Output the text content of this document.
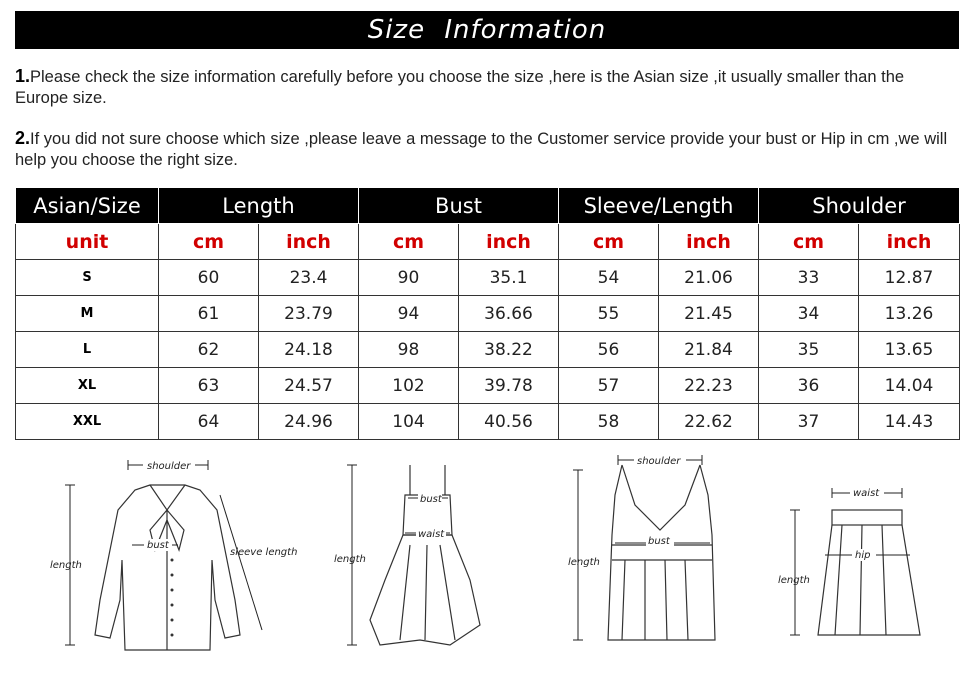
Size Information
1.Please check the size information carefully before you choose the size ,here is the Asian size ,it usually smaller than the Europe size.
2.If you did not sure choose which size ,please leave a message to the Customer service provide your bust or Hip in cm ,we will help you choose the right size.
Asian/Size	Length		Bust		Sleeve/Length		Shoulder	
unit	cm	inch	cm	inch	cm	inch	cm	inch
S	60	23.4	90	35.1	54	21.06	33	12.87
M	61	23.79	94	36.66	55	21.45	34	13.26
L	62	24.18	98	38.22	56	21.84	35	13.65
XL	63	24.57	102	39.78	57	22.23	36	14.04
XXL	64	24.96	104	40.56	58	22.62	37	14.43
shoulder
bust
length
sleeve length
bust
waist
length
shoulder
bust
length
waist
hip
length
